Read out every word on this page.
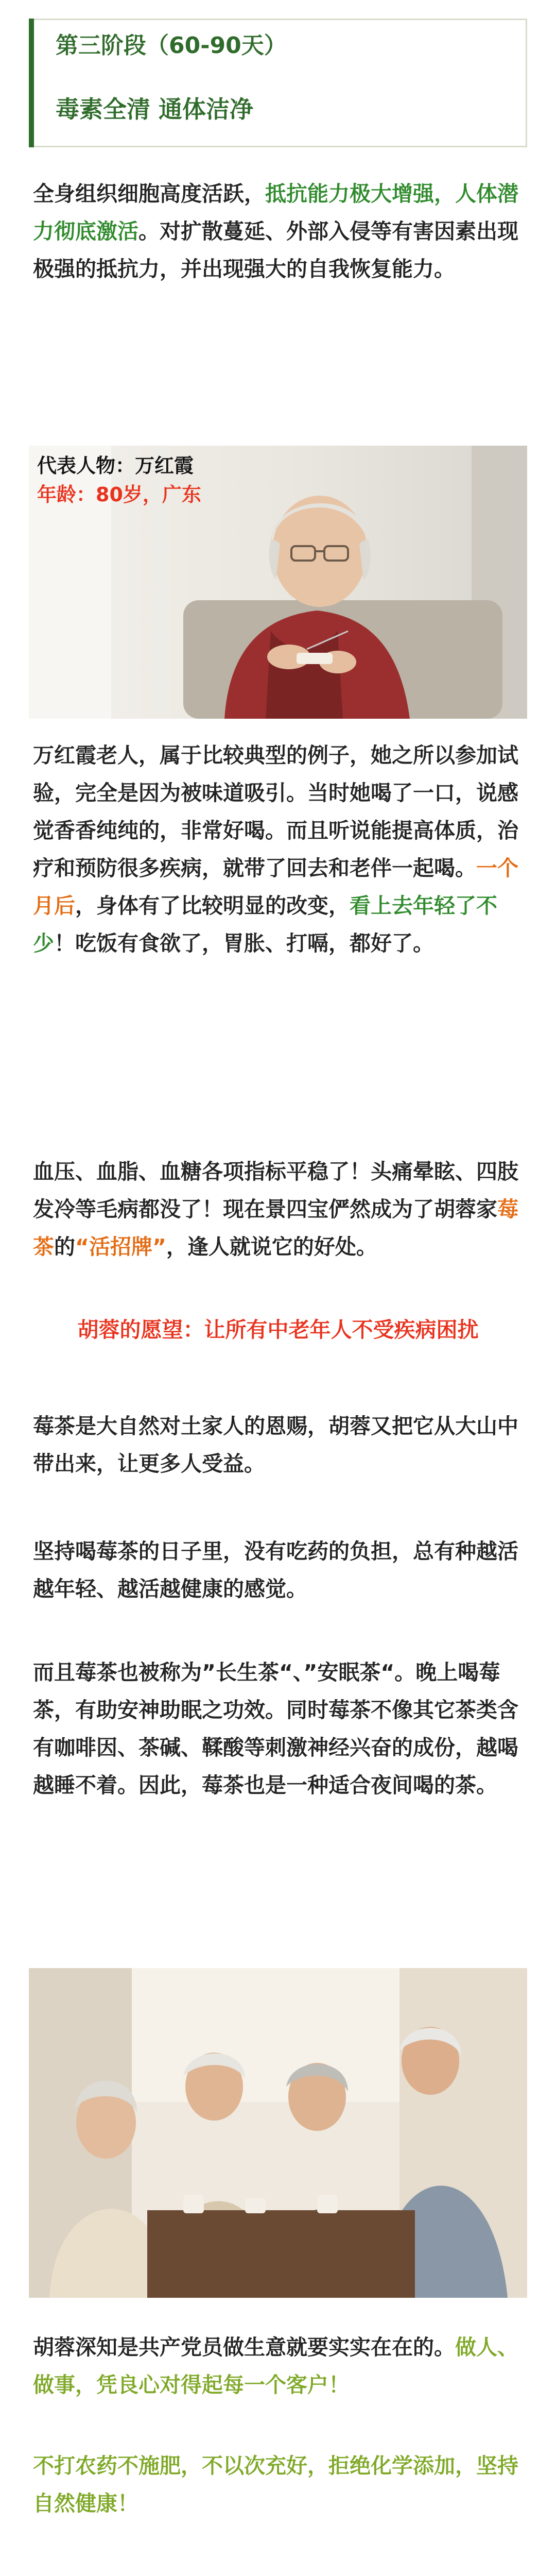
第三阶段（60-90天）
毒素全清 通体洁净

全身组织细胞高度活跃，抵抗能力极大增强，人体潜力彻底激活。对扩散蔓延、外部入侵等有害因素出现极强的抵抗力，并出现强大的自我恢复能力。

代表人物：万红霞
年龄：80岁，广东

万红霞老人，属于比较典型的例子，她之所以参加试验，完全是因为被味道吸引。当时她喝了一口，说感觉香香纯纯的，非常好喝。而且听说能提高体质，治疗和预防很多疾病，就带了回去和老伴一起喝。一个月后，身体有了比较明显的改变，看上去年轻了不少！吃饭有食欲了，胃胀、打嗝，都好了。

血压、血脂、血糖各项指标平稳了！头痛晕眩、四肢发冷等毛病都没了！现在景四宝俨然成为了胡蓉家莓茶的“活招牌”，逢人就说它的好处。

胡蓉的愿望：让所有中老年人不受疾病困扰

莓茶是大自然对土家人的恩赐，胡蓉又把它从大山中带出来，让更多人受益。

坚持喝莓茶的日子里，没有吃药的负担，总有种越活越年轻、越活越健康的感觉。

而且莓茶也被称为”长生茶“、”安眠茶“。晚上喝莓茶，有助安神助眠之功效。同时莓茶不像其它茶类含有咖啡因、茶碱、鞣酸等刺激神经兴奋的成份，越喝越睡不着。因此，莓茶也是一种适合夜间喝的茶。

胡蓉深知是共产党员做生意就要实实在在的。做人、做事，凭良心对得起每一个客户！

不打农药不施肥，不以次充好，拒绝化学添加，坚持自然健康！
